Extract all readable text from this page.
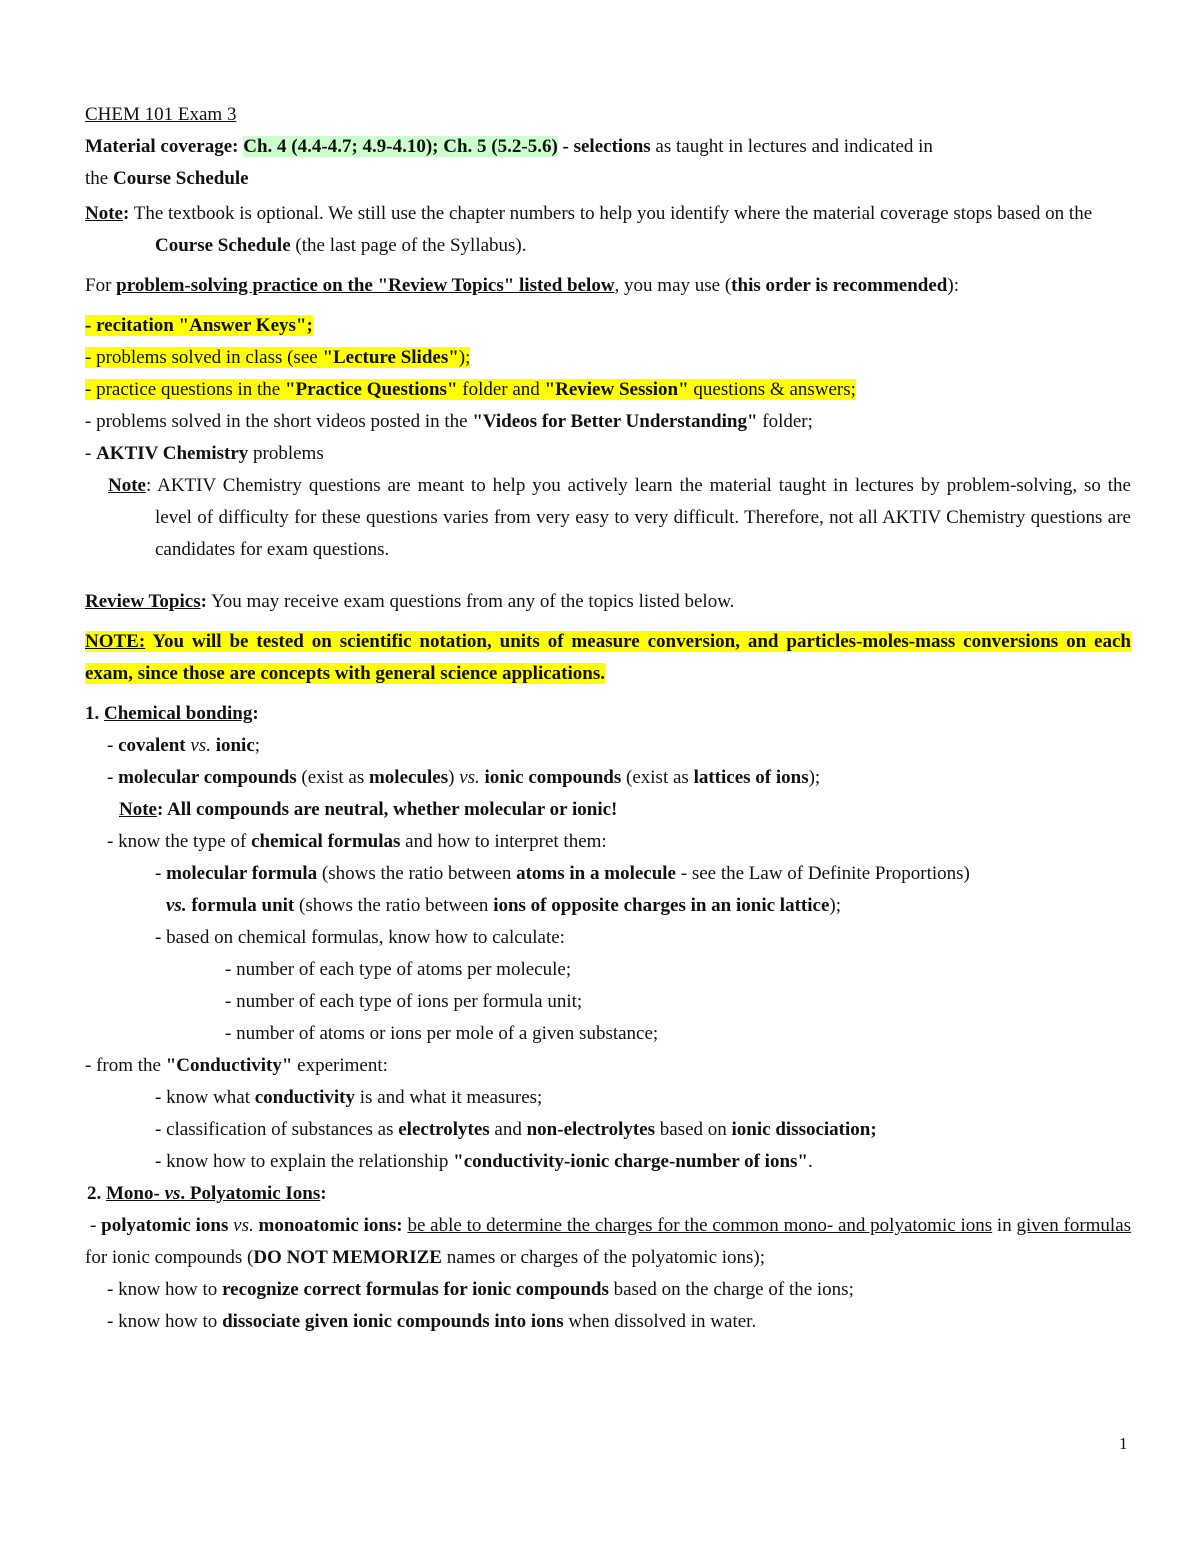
CHEM 101 Exam 3
Material coverage: Ch. 4 (4.4-4.7; 4.9-4.10); Ch. 5 (5.2-5.6) - selections as taught in lectures and indicated in
the Course Schedule
Note: The textbook is optional. We still use the chapter numbers to help you identify where the material coverage stops based on the Course Schedule (the last page of the Syllabus).
For problem-solving practice on the "Review Topics" listed below, you may use (this order is recommended):
- recitation "Answer Keys";
- problems solved in class (see "Lecture Slides");
- practice questions in the "Practice Questions" folder and "Review Session" questions & answers;
- problems solved in the short videos posted in the "Videos for Better Understanding" folder;
- AKTIV Chemistry problems
Note: AKTIV Chemistry questions are meant to help you actively learn the material taught in lectures by problem-solving, so the level of difficulty for these questions varies from very easy to very difficult. Therefore, not all AKTIV Chemistry questions are candidates for exam questions.
Review Topics: You may receive exam questions from any of the topics listed below.
NOTE: You will be tested on scientific notation, units of measure conversion, and particles-moles-mass conversions on each exam, since those are concepts with general science applications.
1. Chemical bonding:
- covalent vs. ionic;
- molecular compounds (exist as molecules) vs. ionic compounds (exist as lattices of ions);
Note: All compounds are neutral, whether molecular or ionic!
- know the type of chemical formulas and how to interpret them:
- molecular formula (shows the ratio between atoms in a molecule - see the Law of Definite Proportions)
vs. formula unit (shows the ratio between ions of opposite charges in an ionic lattice);
- based on chemical formulas, know how to calculate:
- number of each type of atoms per molecule;
- number of each type of ions per formula unit;
- number of atoms or ions per mole of a given substance;
- from the "Conductivity" experiment:
- know what conductivity is and what it measures;
- classification of substances as electrolytes and non-electrolytes based on ionic dissociation;
- know how to explain the relationship "conductivity-ionic charge-number of ions".
2. Mono- vs. Polyatomic Ions:
- polyatomic ions vs. monoatomic ions: be able to determine the charges for the common mono- and polyatomic ions in given formulas for ionic compounds (DO NOT MEMORIZE names or charges of the polyatomic ions);
- know how to recognize correct formulas for ionic compounds based on the charge of the ions;
- know how to dissociate given ionic compounds into ions when dissolved in water.
1
